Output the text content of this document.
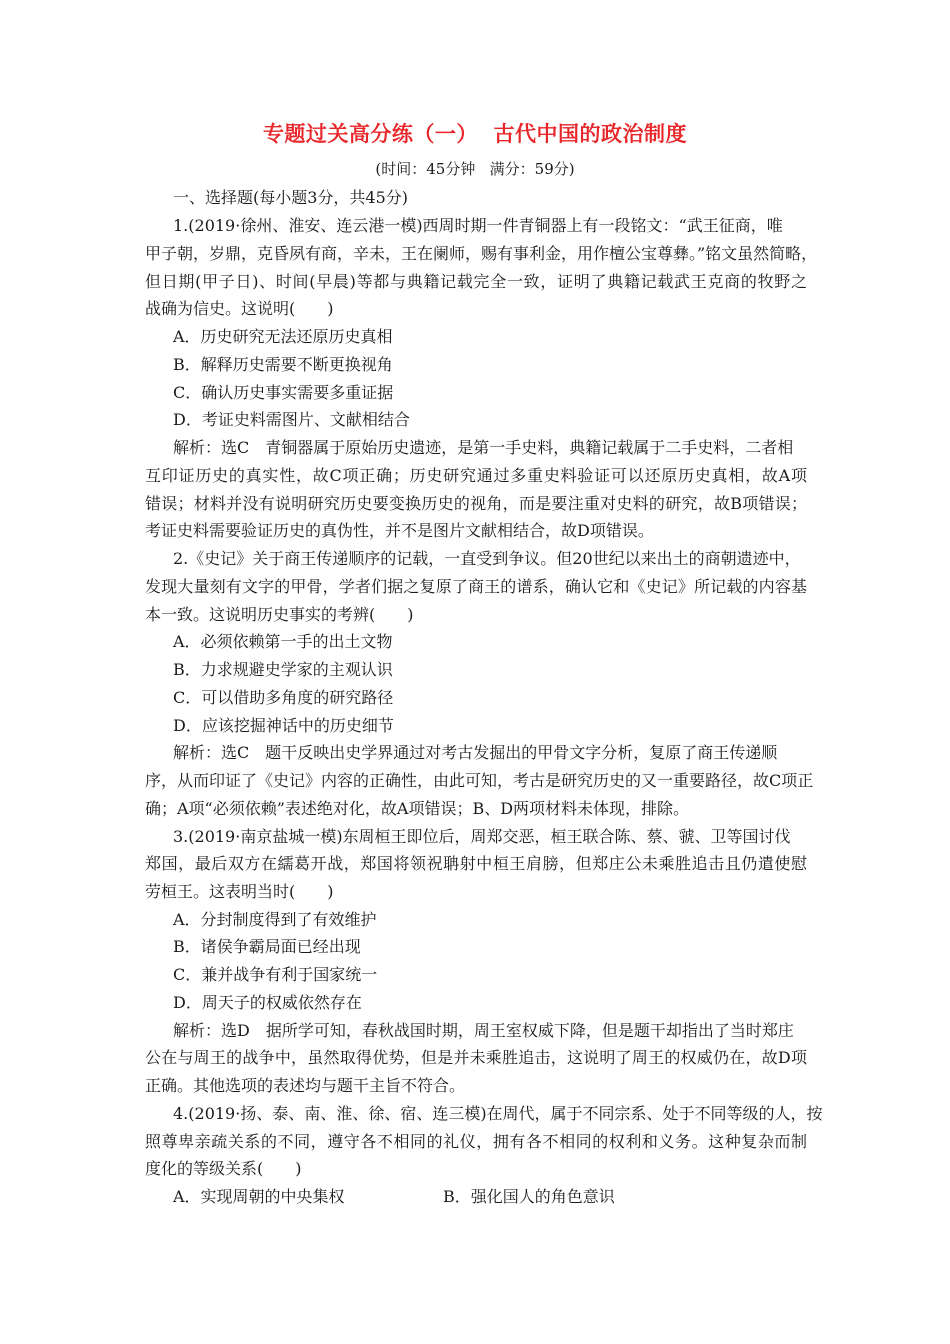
专题过关高分练（一）  古代中国的政治制度
(时间：45分钟   满分：59分)
一、选择题(每小题3分，共45分)
1.(2019·徐州、淮安、连云港一模)西周时期一件青铜器上有一段铭文：“武王征商，唯
甲子朝，岁鼎，克昏夙有商，辛未，王在阑师，赐有事利金，用作檀公宝尊彝。”铭文虽然简略，
但日期(甲子日)、时间(早晨)等都与典籍记载完全一致，证明了典籍记载武王克商的牧野之
战确为信史。这说明(　　)
A．历史研究无法还原历史真相
B．解释历史需要不断更换视角
C．确认历史事实需要多重证据
D．考证史料需图片、文献相结合
解析：选C　青铜器属于原始历史遗迹，是第一手史料，典籍记载属于二手史料，二者相
互印证历史的真实性，故C项正确；历史研究通过多重史料验证可以还原历史真相，故A项
错误；材料并没有说明研究历史要变换历史的视角，而是要注重对史料的研究，故B项错误；
考证史料需要验证历史的真伪性，并不是图片文献相结合，故D项错误。
2.《史记》关于商王传递顺序的记载，一直受到争议。但20世纪以来出土的商朝遗迹中，
发现大量刻有文字的甲骨，学者们据之复原了商王的谱系，确认它和《史记》所记载的内容基
本一致。这说明历史事实的考辨(　　)
A．必须依赖第一手的出土文物
B．力求规避史学家的主观认识
C．可以借助多角度的研究路径
D．应该挖掘神话中的历史细节
解析：选C　题干反映出史学界通过对考古发掘出的甲骨文字分析，复原了商王传递顺
序，从而印证了《史记》内容的正确性，由此可知，考古是研究历史的又一重要路径，故C项正
确；A项“必须依赖”表述绝对化，故A项错误；B、D两项材料未体现，排除。
3.(2019·南京盐城一模)东周桓王即位后，周郑交恶，桓王联合陈、蔡、虢、卫等国讨伐
郑国，最后双方在繻葛开战，郑国将领祝聃射中桓王肩膀，但郑庄公未乘胜追击且仍遣使慰
劳桓王。这表明当时(　　)
A．分封制度得到了有效维护
B．诸侯争霸局面已经出现
C．兼并战争有利于国家统一
D．周天子的权威依然存在
解析：选D　据所学可知，春秋战国时期，周王室权威下降，但是题干却指出了当时郑庄
公在与周王的战争中，虽然取得优势，但是并未乘胜追击，这说明了周王的权威仍在，故D项
正确。其他选项的表述均与题干主旨不符合。
4.(2019·扬、泰、南、淮、徐、宿、连三模)在周代，属于不同宗系、处于不同等级的人，按
照尊卑亲疏关系的不同，遵守各不相同的礼仪，拥有各不相同的权利和义务。这种复杂而制
度化的等级关系(　　)
A．实现周朝的中央集权	B．强化国人的角色意识
